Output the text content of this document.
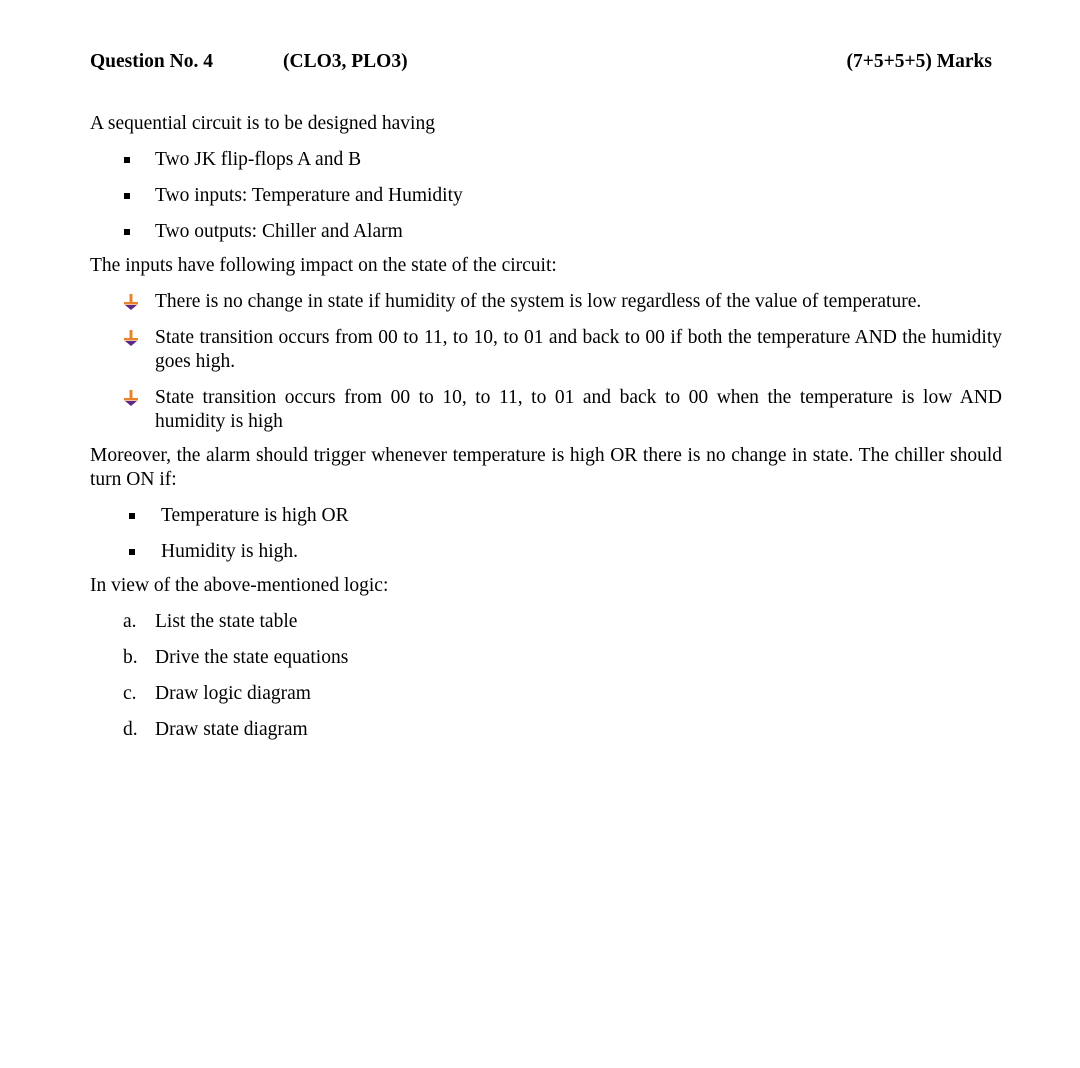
Question No. 4	(CLO3, PLO3)	(7+5+5+5) Marks

A sequential circuit is to be designed having

Two JK flip-flops A and B
Two inputs: Temperature and Humidity
Two outputs: Chiller and Alarm

The inputs have following impact on the state of the circuit:

There is no change in state if humidity of the system is low regardless of the value of temperature.
State transition occurs from 00 to 11, to 10, to 01 and back to 00 if both the temperature AND the humidity goes high.
State transition occurs from 00 to 10, to 11, to 01 and back to 00 when the temperature is low AND humidity is high

Moreover, the alarm should trigger whenever temperature is high OR there is no change in state. The chiller should turn ON if:

Temperature is high OR
Humidity is high.

In view of the above-mentioned logic:

a. List the state table
b. Drive the state equations
c. Draw logic diagram
d. Draw state diagram
